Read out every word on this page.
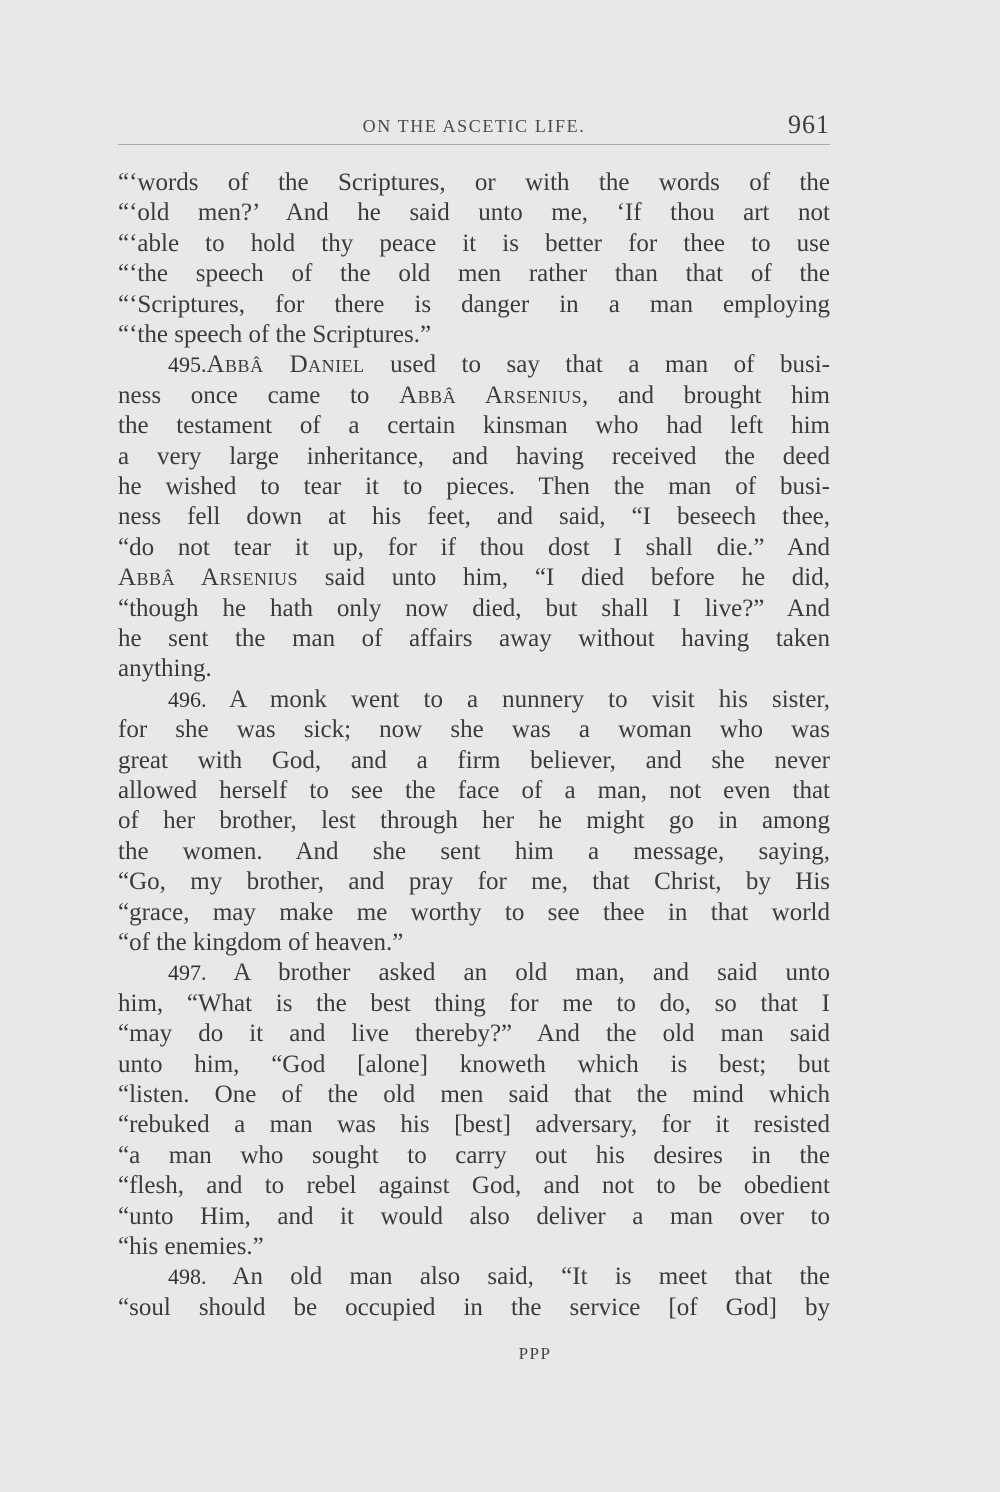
ON THE ASCETIC LIFE.	961
“‘words of the Scriptures, or with the words of the
“‘old men?’ And he said unto me, ‘If thou art not
“‘able to hold thy peace it is better for thee to use
“‘the speech of the old men rather than that of the
“‘Scriptures, for there is danger in a man employing
“‘the speech of the Scriptures.”
495.Abbâ Daniel used to say that a man of busi-
ness once came to Abbâ Arsenius, and brought him
the testament of a certain kinsman who had left him
a very large inheritance, and having received the deed
he wished to tear it to pieces. Then the man of busi-
ness fell down at his feet, and said, “I beseech thee,
“do not tear it up, for if thou dost I shall die.” And
Abbâ Arsenius said unto him, “I died before he did,
“though he hath only now died, but shall I live?” And
he sent the man of affairs away without having taken
anything.
496. A monk went to a nunnery to visit his sister,
for she was sick; now she was a woman who was
great with God, and a firm believer, and she never
allowed herself to see the face of a man, not even that
of her brother, lest through her he might go in among
the women. And she sent him a message, saying,
“Go, my brother, and pray for me, that Christ, by His
“grace, may make me worthy to see thee in that world
“of the kingdom of heaven.”
497. A brother asked an old man, and said unto
him, “What is the best thing for me to do, so that I
“may do it and live thereby?” And the old man said
unto him, “God [alone] knoweth which is best; but
“listen. One of the old men said that the mind which
“rebuked a man was his [best] adversary, for it resisted
“a man who sought to carry out his desires in the
“flesh, and to rebel against God, and not to be obedient
“unto Him, and it would also deliver a man over to
“his enemies.”
498. An old man also said, “It is meet that the
“soul should be occupied in the service [of God] by
PPP
